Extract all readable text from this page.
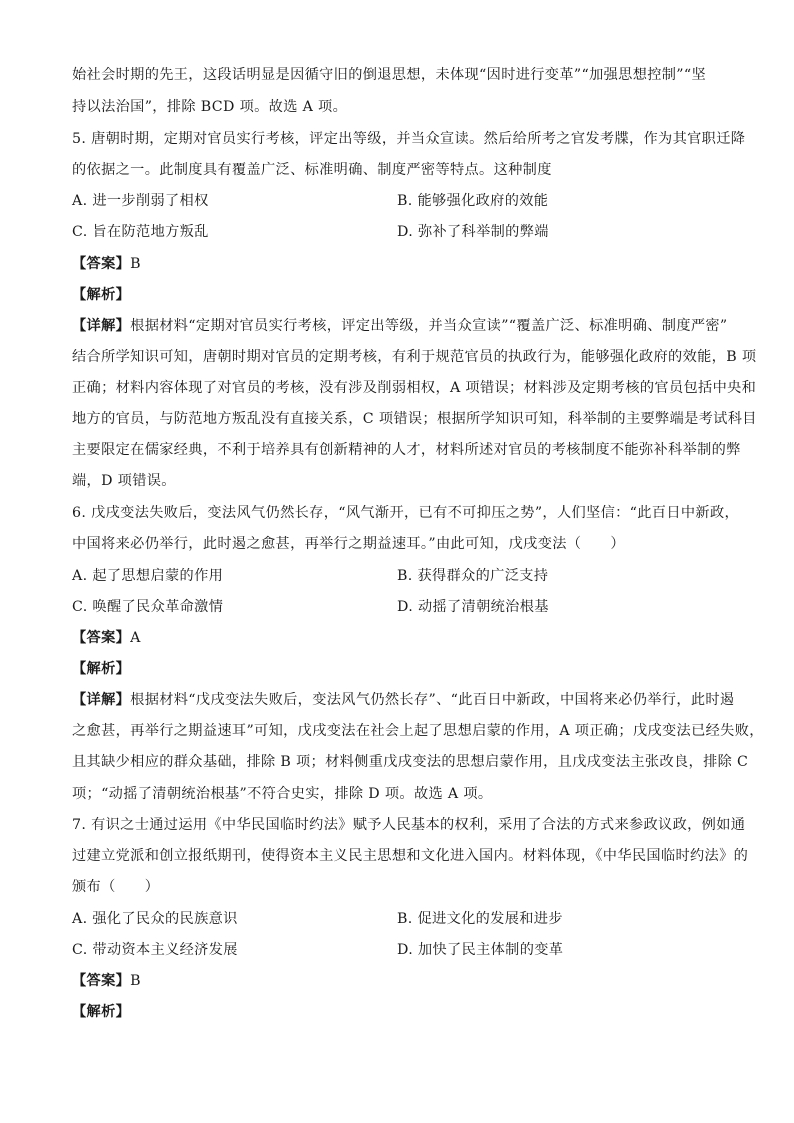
始社会时期的先王，这段话明显是因循守旧的倒退思想，未体现“因时进行变革”“加强思想控制”“坚
持以法治国”，排除 BCD 项。故选 A 项。
5. 唐朝时期，定期对官员实行考核，评定出等级，并当众宣读。然后给所考之官发考牒，作为其官职迁降
的依据之一。此制度具有覆盖广泛、标准明确、制度严密等特点。这种制度
A. 进一步削弱了相权	B. 能够强化政府的效能
C. 旨在防范地方叛乱	D. 弥补了科举制的弊端
【答案】B
【解析】
【详解】根据材料“定期对官员实行考核，评定出等级，并当众宣读”“覆盖广泛、标准明确、制度严密”
结合所学知识可知，唐朝时期对官员的定期考核，有利于规范官员的执政行为，能够强化政府的效能，B 项
正确；材料内容体现了对官员的考核，没有涉及削弱相权，A 项错误；材料涉及定期考核的官员包括中央和
地方的官员，与防范地方叛乱没有直接关系，C 项错误；根据所学知识可知，科举制的主要弊端是考试科目
主要限定在儒家经典，不利于培养具有创新精神的人才，材料所述对官员的考核制度不能弥补科举制的弊
端，D 项错误。
6. 戊戌变法失败后，变法风气仍然长存，“风气渐开，已有不可抑压之势”，人们坚信：“此百日中新政，
中国将来必仍举行，此时遏之愈甚，再举行之期益速耳。”由此可知，戊戌变法（　　）
A. 起了思想启蒙的作用	B. 获得群众的广泛支持
C. 唤醒了民众革命激情	D. 动摇了清朝统治根基
【答案】A
【解析】
【详解】根据材料“戊戌变法失败后，变法风气仍然长存”、“此百日中新政，中国将来必仍举行，此时遏
之愈甚，再举行之期益速耳”可知，戊戌变法在社会上起了思想启蒙的作用，A 项正确；戊戌变法已经失败，
且其缺少相应的群众基础，排除 B 项；材料侧重戊戌变法的思想启蒙作用，且戊戌变法主张改良，排除 C
项；“动摇了清朝统治根基”不符合史实，排除 D 项。故选 A 项。
7. 有识之士通过运用《中华民国临时约法》赋予人民基本的权利，采用了合法的方式来参政议政，例如通
过建立党派和创立报纸期刊，使得资本主义民主思想和文化进入国内。材料体现，《中华民国临时约法》的
颁布（　　）
A. 强化了民众的民族意识	B. 促进文化的发展和进步
C. 带动资本主义经济发展	D. 加快了民主体制的变革
【答案】B
【解析】
